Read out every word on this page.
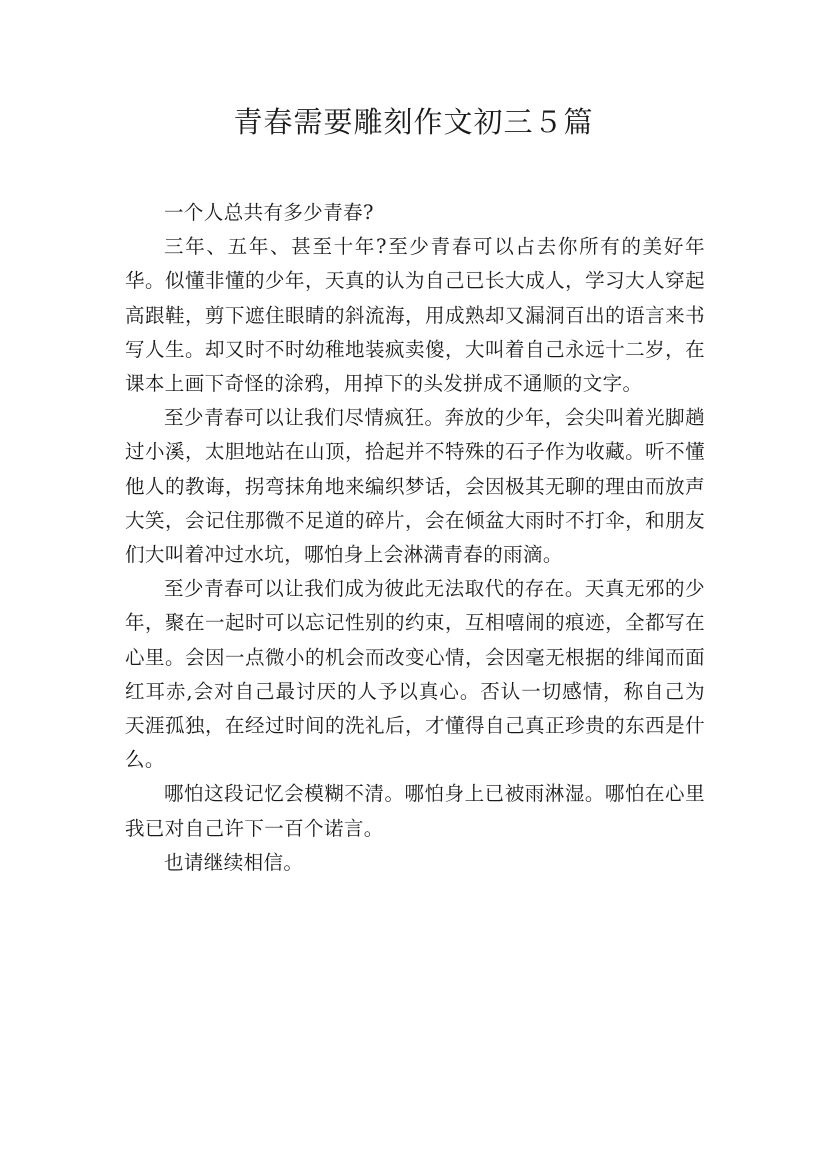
青春需要雕刻作文初三５篇

一个人总共有多少青春?

三年、五年、甚至十年?至少青春可以占去你所有的美好年华。似懂非懂的少年，天真的认为自己已长大成人，学习大人穿起高跟鞋，剪下遮住眼睛的斜流海，用成熟却又漏洞百出的语言来书写人生。却又时不时幼稚地装疯卖傻，大叫着自己永远十二岁，在课本上画下奇怪的涂鸦，用掉下的头发拼成不通顺的文字。

至少青春可以让我们尽情疯狂。奔放的少年，会尖叫着光脚趟过小溪，太胆地站在山顶，拾起并不特殊的石子作为收藏。听不懂他人的教诲，拐弯抹角地来编织梦话，会因极其无聊的理由而放声大笑，会记住那微不足道的碎片，会在倾盆大雨时不打伞，和朋友们大叫着冲过水坑，哪怕身上会淋满青春的雨滴。

至少青春可以让我们成为彼此无法取代的存在。天真无邪的少年，聚在一起时可以忘记性别的约束，互相嘻闹的痕迹，全都写在心里。会因一点微小的机会而改变心情，会因毫无根据的绯闻而面红耳赤,会对自己最讨厌的人予以真心。否认一切感情，称自己为天涯孤独，在经过时间的洗礼后，才懂得自己真正珍贵的东西是什么。

哪怕这段记忆会模糊不清。哪怕身上已被雨淋湿。哪怕在心里我已对自己许下一百个诺言。

也请继续相信。
